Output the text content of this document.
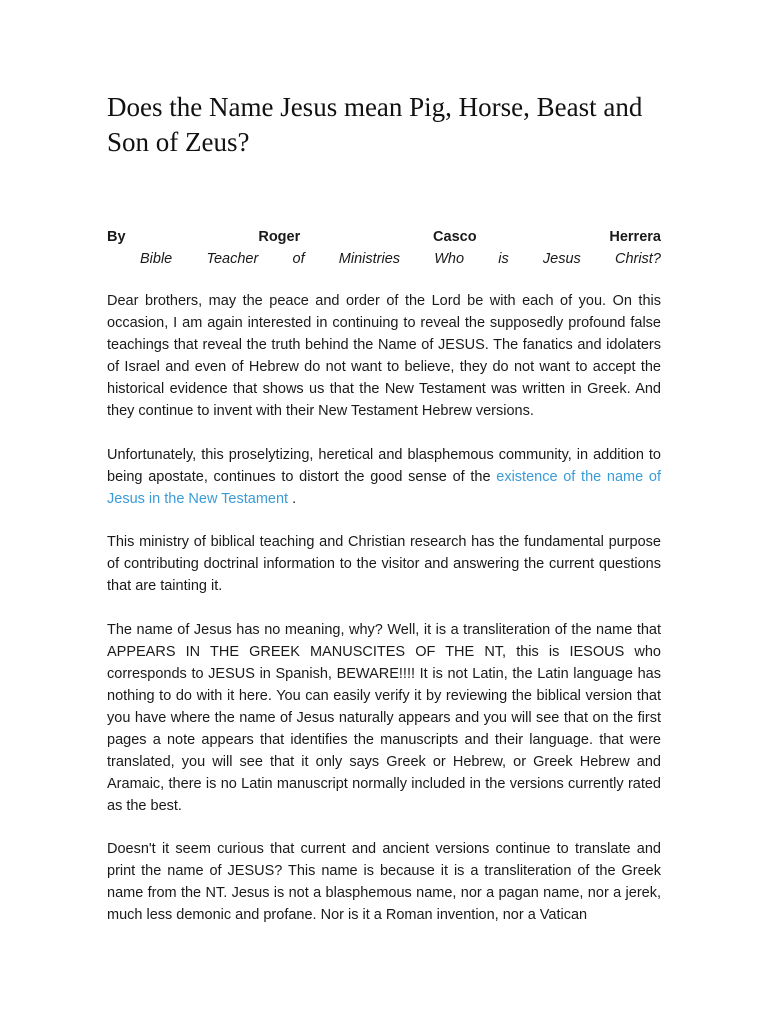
Does the Name Jesus mean Pig, Horse, Beast and Son of Zeus?
By	Roger	Casco	Herrera
Bible Teacher of Ministries Who is Jesus Christ?

Dear brothers, may the peace and order of the Lord be with each of you. On this occasion, I am again interested in continuing to reveal the supposedly profound false teachings that reveal the truth behind the Name of JESUS. The fanatics and idolaters of Israel and even of Hebrew do not want to believe, they do not want to accept the historical evidence that shows us that the New Testament was written in Greek. And they continue to invent with their New Testament Hebrew versions.

Unfortunately, this proselytizing, heretical and blasphemous community, in addition to being apostate, continues to distort the good sense of the existence of the name of Jesus in the New Testament .

This ministry of biblical teaching and Christian research has the fundamental purpose of contributing doctrinal information to the visitor and answering the current questions that are tainting it.

The name of Jesus has no meaning, why? Well, it is a transliteration of the name that APPEARS IN THE GREEK MANUSCITES OF THE NT, this is IESOUS who corresponds to JESUS in Spanish, BEWARE!!!! It is not Latin, the Latin language has nothing to do with it here. You can easily verify it by reviewing the biblical version that you have where the name of Jesus naturally appears and you will see that on the first pages a note appears that identifies the manuscripts and their language. that were translated, you will see that it only says Greek or Hebrew, or Greek Hebrew and Aramaic, there is no Latin manuscript normally included in the versions currently rated as the best.

Doesn't it seem curious that current and ancient versions continue to translate and print the name of JESUS? This name is because it is a transliteration of the Greek name from the NT. Jesus is not a blasphemous name, nor a pagan name, nor a jerek, much less demonic and profane. Nor is it a Roman invention, nor a Vatican
